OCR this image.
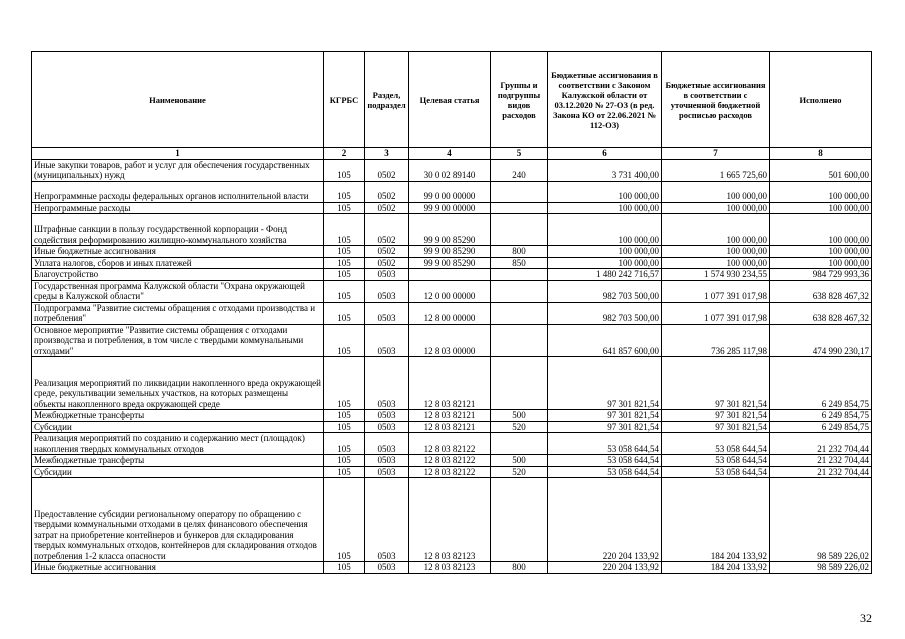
Наименование	КГРБС	Раздел, подраздел	Целевая статья	Группы и подгруппы видов расходов	Бюджетные ассигнования в соответствии с Законом Калужской области от 03.12.2020 № 27-ОЗ (в ред. Закона КО от 22.06.2021 № 112-ОЗ)	Бюджетные ассигнования в соответствии с уточненной бюджетной росписью расходов	Исполнено
1	2	3	4	5	6	7	8
Иные закупки товаров, работ и услуг для обеспечения государственных (муниципальных) нужд	105	0502	30 0 02 89140	240	3 731 400,00	1 665 725,60	501 600,00
Непрограммные расходы федеральных органов исполнительной власти	105	0502	99 0 00 00000		100 000,00	100 000,00	100 000,00
Непрограммные расходы	105	0502	99 9 00 00000		100 000,00	100 000,00	100 000,00
Штрафные санкции в пользу государственной корпорации - Фонд содействия реформированию жилищно-коммунального хозяйства	105	0502	99 9 00 85290		100 000,00	100 000,00	100 000,00
Иные бюджетные ассигнования	105	0502	99 9 00 85290	800	100 000,00	100 000,00	100 000,00
Уплата налогов, сборов и иных платежей	105	0502	99 9 00 85290	850	100 000,00	100 000,00	100 000,00
Благоустройство	105	0503			1 480 242 716,57	1 574 930 234,55	984 729 993,36
Государственная программа Калужской области "Охрана окружающей среды в Калужской области"	105	0503	12 0 00 00000		982 703 500,00	1 077 391 017,98	638 828 467,32
Подпрограмма "Развитие системы обращения с отходами производства и потребления"	105	0503	12 8 00 00000		982 703 500,00	1 077 391 017,98	638 828 467,32
Основное мероприятие "Развитие системы обращения с отходами производства и потребления, в том числе с твердыми коммунальными отходами"	105	0503	12 8 03 00000		641 857 600,00	736 285 117,98	474 990 230,17
Реализация мероприятий по ликвидации накопленного вреда окружающей среде, рекультивации земельных участков, на которых размещены объекты накопленного вреда окружающей среде	105	0503	12 8 03 82121		97 301 821,54	97 301 821,54	6 249 854,75
Межбюджетные трансферты	105	0503	12 8 03 82121	500	97 301 821,54	97 301 821,54	6 249 854,75
Субсидии	105	0503	12 8 03 82121	520	97 301 821,54	97 301 821,54	6 249 854,75
Реализация мероприятий по созданию и содержанию мест (площадок) накопления твердых коммунальных отходов	105	0503	12 8 03 82122		53 058 644,54	53 058 644,54	21 232 704,44
Межбюджетные трансферты	105	0503	12 8 03 82122	500	53 058 644,54	53 058 644,54	21 232 704,44
Субсидии	105	0503	12 8 03 82122	520	53 058 644,54	53 058 644,54	21 232 704,44
Предоставление субсидии региональному оператору по обращению с твердыми коммунальными отходами в целях финансового обеспечения затрат на приобретение контейнеров и бункеров для складирования твердых коммунальных отходов, контейнеров для складирования отходов потребления 1-2 класса опасности	105	0503	12 8 03 82123		220 204 133,92	184 204 133,92	98 589 226,02
Иные бюджетные ассигнования	105	0503	12 8 03 82123	800	220 204 133,92	184 204 133,92	98 589 226,02
32
